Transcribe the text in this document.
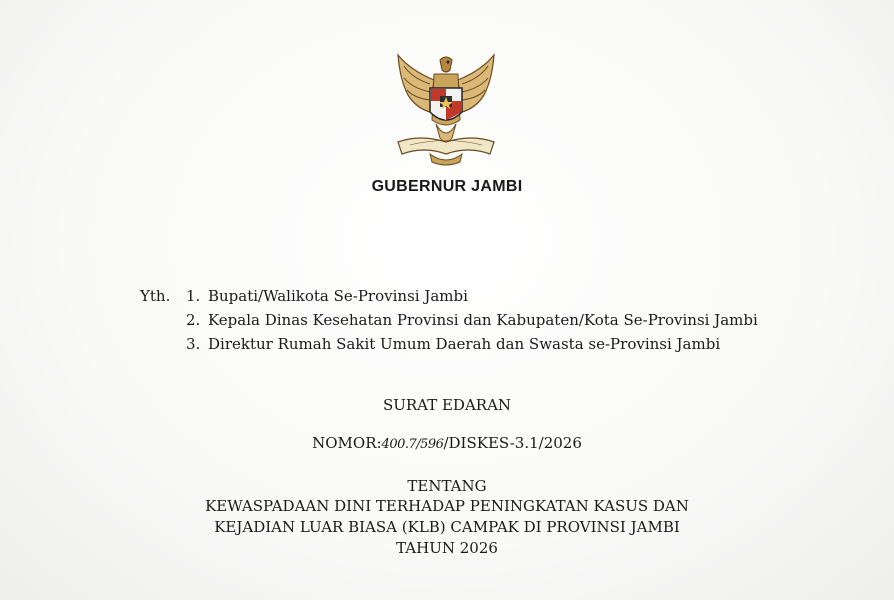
GUBERNUR JAMBI
Yth.	1. Bupati/Walikota Se-Provinsi Jambi
2. Kepala Dinas Kesehatan Provinsi dan Kabupaten/Kota Se-Provinsi Jambi
3. Direktur Rumah Sakit Umum Daerah dan Swasta se-Provinsi Jambi
SURAT EDARAN
NOMOR:400.7/596/DISKES-3.1/2026
TENTANG
KEWASPADAAN DINI TERHADAP PENINGKATAN KASUS DAN
KEJADIAN LUAR BIASA (KLB) CAMPAK DI PROVINSI JAMBI
TAHUN 2026
